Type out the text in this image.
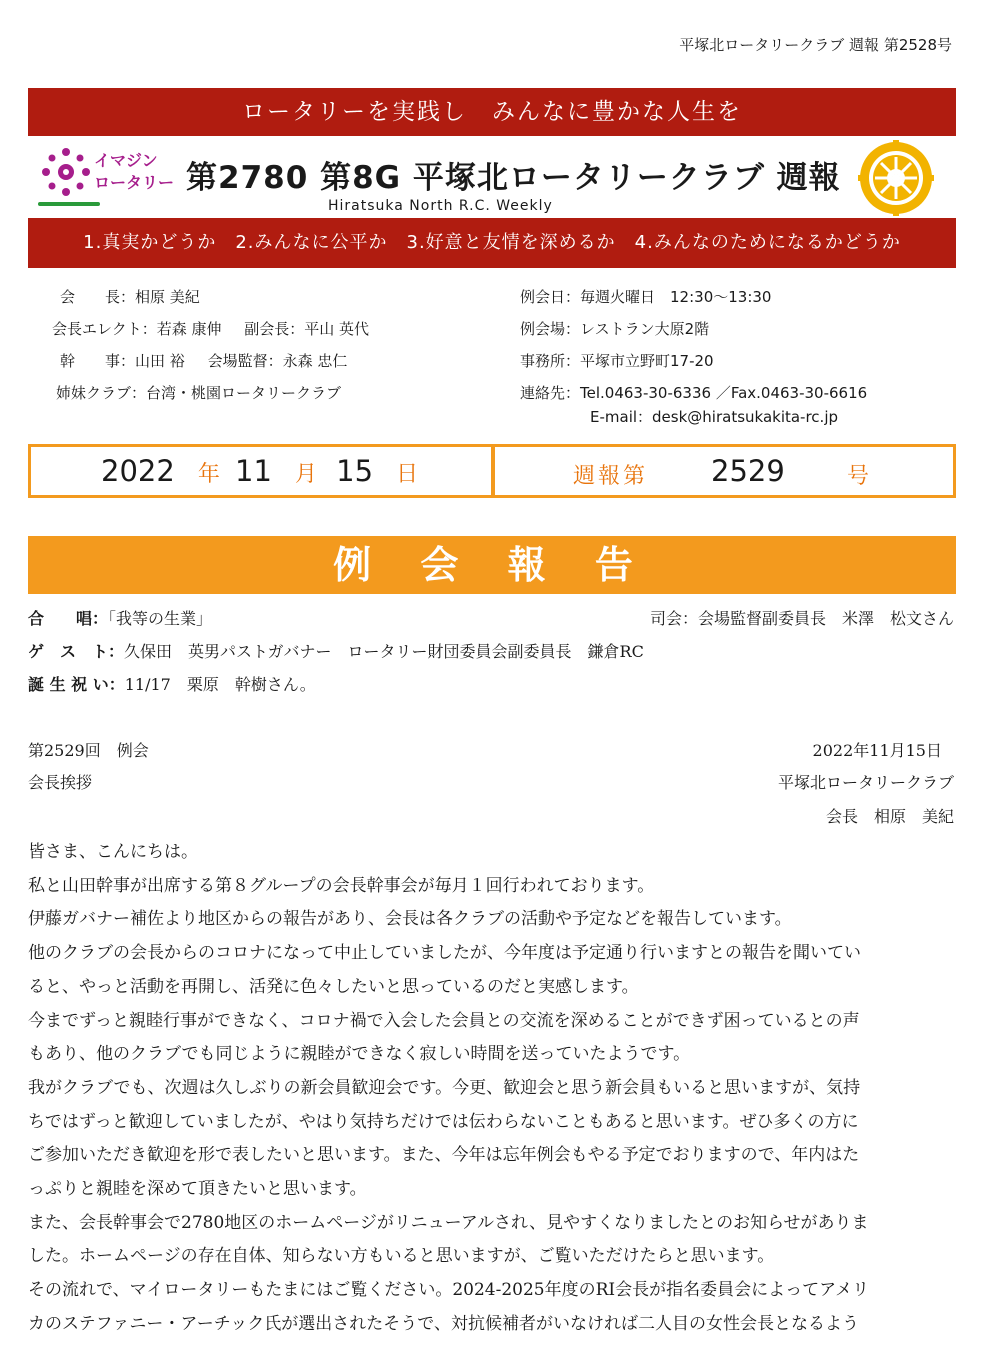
平塚北ロータリークラブ 週報 第2528号
ロータリーを実践し　みんなに豊かな人生を
イマジン
ロータリー 第2780 第8G 平塚北ロータリークラブ 週報
Hiratsuka North R.C. Weekly
1.真実かどうか　2.みんなに公平か　3.好意と友情を深めるか　4.みんなのためになるかどうか
会　　長：相原 美紀
会長エレクト：若森 康伸 副会長：平山 英代
幹　　事：山田 裕 会場監督：永森 忠仁
姉妹クラブ：台湾・桃園ロータリークラブ
例会日：毎週火曜日　12:30～13:30
例会場：レストラン大原2階
事務所：平塚市立野町17-20
連絡先：Tel.0463-30-6336 ／Fax.0463-30-6616
E-mail：desk@hiratsukakita-rc.jp
2022 年 11 月 15 日	週報第 2529	号
例 会 報 告
合　　唱：「我等の生業」	司会：会場監督副委員長　米澤　松文さん
ゲ　ス　ト：久保田　英男パストガバナー　ロータリー財団委員会副委員長　鎌倉RC
誕 生 祝 い：11/17　栗原　幹樹さん。
第2529回　例会	2022年11月15日
会長挨拶	平塚北ロータリークラブ
会長　相原　美紀

皆さま、こんにちは。

私と山田幹事が出席する第８グループの会長幹事会が毎月１回行われております。

伊藤ガバナー補佐より地区からの報告があり、会長は各クラブの活動や予定などを報告しています。

他のクラブの会長からのコロナになって中止していましたが、今年度は予定通り行いますとの報告を聞いてい

ると、やっと活動を再開し、活発に色々したいと思っているのだと実感します。

今までずっと親睦行事ができなく、コロナ禍で入会した会員との交流を深めることができず困っているとの声

もあり、他のクラブでも同じように親睦ができなく寂しい時間を送っていたようです。

我がクラブでも、次週は久しぶりの新会員歓迎会です。今更、歓迎会と思う新会員もいると思いますが、気持

ちではずっと歓迎していましたが、やはり気持ちだけでは伝わらないこともあると思います。ぜひ多くの方に

ご参加いただき歓迎を形で表したいと思います。また、今年は忘年例会もやる予定でおりますので、年内はた

っぷりと親睦を深めて頂きたいと思います。

また、会長幹事会で2780地区のホームページがリニューアルされ、見やすくなりましたとのお知らせがありま

した。ホームページの存在自体、知らない方もいると思いますが、ご覧いただけたらと思います。

その流れで、マイロータリーもたまにはご覧ください。2024-2025年度のRI会長が指名委員会によってアメリ

カのステファニー・アーチック氏が選出されたそうで、対抗候補者がいなければ二人目の女性会長となるよう
